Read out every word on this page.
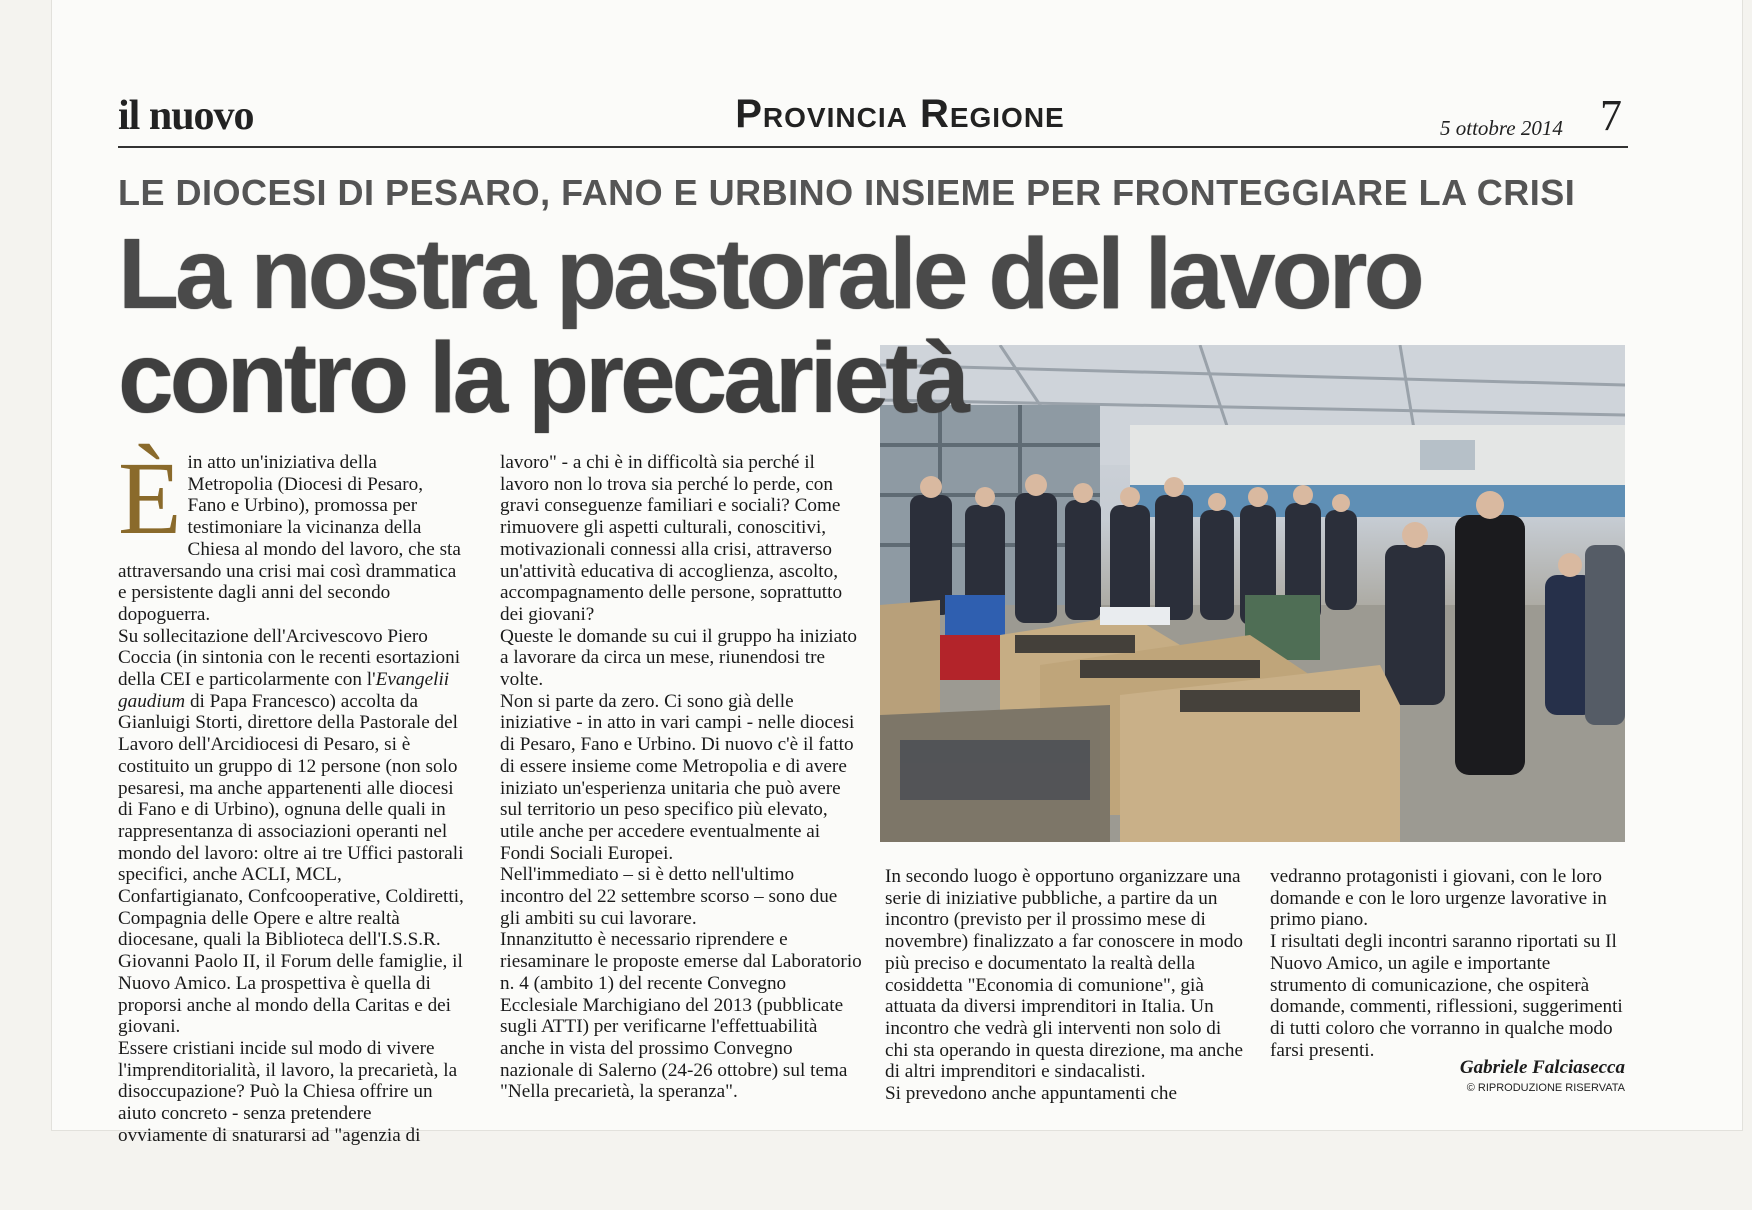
il nuovo	Provincia Regione	5 ottobre 2014 7
LE DIOCESI DI PESARO, FANO E URBINO INSIEME PER FRONTEGGIARE LA CRISI
La nostra pastorale del lavoro
contro la precarietà

Èin atto un'iniziativa della Metropolia (Diocesi di Pesaro, Fano e Urbino), promossa per testimoniare la vicinanza della Chiesa al mondo del lavoro, che sta attraversando una crisi mai così drammatica e persistente dagli anni del secondo dopoguerra.

Su sollecitazione dell'Arcivescovo Piero Coccia (in sintonia con le recenti esortazioni della CEI e particolarmente con l'Evangelii gaudium di Papa Francesco) accolta da Gianluigi Storti, direttore della Pastorale del Lavoro dell'Arcidiocesi di Pesaro, si è costituito un gruppo di 12 persone (non solo pesaresi, ma anche appartenenti alle diocesi di Fano e di Urbino), ognuna delle quali in rappresentanza di associazioni operanti nel mondo del lavoro: oltre ai tre Uffici pastorali specifici, anche ACLI, MCL, Confartigianato, Confcooperative, Coldiretti, Compagnia delle Opere e altre realtà diocesane, quali la Biblioteca dell'I.S.S.R. Giovanni Paolo II, il Forum delle famiglie, il Nuovo Amico. La prospettiva è quella di proporsi anche al mondo della Caritas e dei giovani.

Essere cristiani incide sul modo di vivere l'imprenditorialità, il lavoro, la precarietà, la disoccupazione? Può la Chiesa offrire un aiuto concreto - senza pretendere ovviamente di snaturarsi ad "agenzia di

lavoro" - a chi è in difficoltà sia perché il lavoro non lo trova sia perché lo perde, con gravi conseguenze familiari e sociali? Come rimuovere gli aspetti culturali, conoscitivi, motivazionali connessi alla crisi, attraverso un'attività educativa di accoglienza, ascolto, accompagnamento delle persone, soprattutto dei giovani?

Queste le domande su cui il gruppo ha iniziato a lavorare da circa un mese, riunendosi tre volte.

Non si parte da zero. Ci sono già delle iniziative - in atto in vari campi - nelle diocesi di Pesaro, Fano e Urbino. Di nuovo c'è il fatto di essere insieme come Metropolia e di avere iniziato un'esperienza unitaria che può avere sul territorio un peso specifico più elevato, utile anche per accedere eventualmente ai Fondi Sociali Europei.

Nell'immediato – si è detto nell'ultimo incontro del 22 settembre scorso – sono due gli ambiti su cui lavorare.

Innanzitutto è necessario riprendere e riesaminare le proposte emerse dal Laboratorio n. 4 (ambito 1) del recente Convegno Ecclesiale Marchigiano del 2013 (pubblicate sugli ATTI) per verificarne l'effettuabilità anche in vista del prossimo Convegno nazionale di Salerno (24-26 ottobre) sul tema "Nella precarietà, la speranza".

In secondo luogo è opportuno organizzare una serie di iniziative pubbliche, a partire da un incontro (previsto per il prossimo mese di novembre) finalizzato a far conoscere in modo più preciso e documentato la realtà della cosiddetta "Economia di comunione", già attuata da diversi imprenditori in Italia. Un incontro che vedrà gli interventi non solo di chi sta operando in questa direzione, ma anche di altri imprenditori e sindacalisti.

Si prevedono anche appuntamenti che

vedranno protagonisti i giovani, con le loro domande e con le loro urgenze lavorative in primo piano.

I risultati degli incontri saranno riportati su Il Nuovo Amico, un agile e importante strumento di comunicazione, che ospiterà domande, commenti, riflessioni, suggerimenti di tutti coloro che vorranno in qualche modo farsi presenti.

Gabriele Falciasecca
© RIPRODUZIONE RISERVATA
